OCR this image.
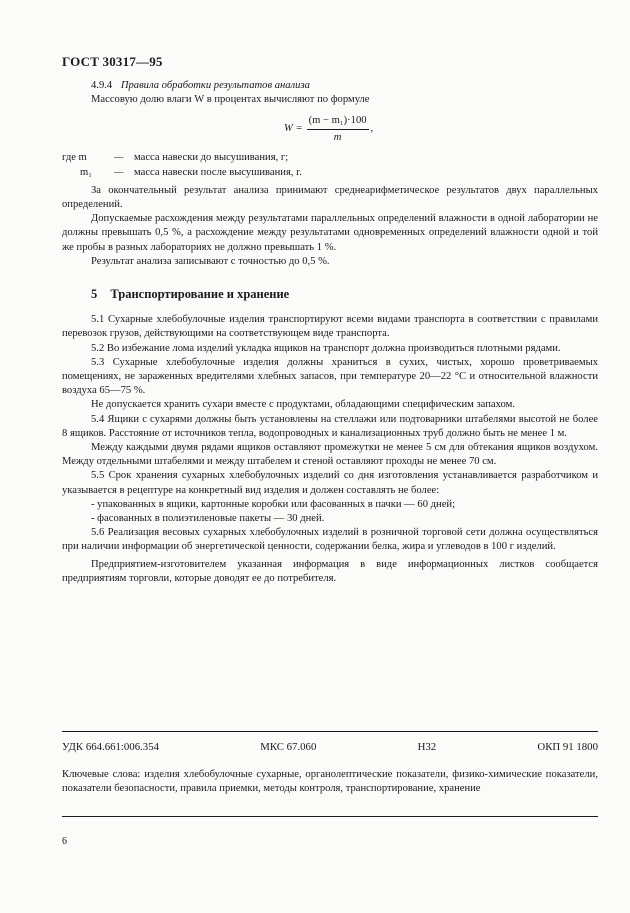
ГОСТ 30317—95

4.9.4 Правила обработки результатов анализа

Массовую долю влаги W в процентах вычисляют по формуле

$W = \frac{\text{(m − m₁)·100}}{m}$ ,
где m	— масса навески до высушивания, г;
m₁	— масса навески после высушивания, г.

За окончательный результат анализа принимают среднеарифметическое результатов двух параллельных определений.

Допускаемые расхождения между результатами параллельных определений влажности в одной лаборатории не должны превышать 0,5 %, а расхождение между результатами одновременных определений влажности одной и той же пробы в разных лабораториях не должно превышать 1 %.

Результат анализа записывают с точностью до 0,5 %.

5 Транспортирование и хранение

5.1 Сухарные хлебобулочные изделия транспортируют всеми видами транспорта в соответствии с правилами перевозок грузов, действующими на соответствующем виде транспорта.

5.2 Во избежание лома изделий укладка ящиков на транспорт должна производиться плотными рядами.

5.3 Сухарные хлебобулочные изделия должны храниться в сухих, чистых, хорошо проветриваемых помещениях, не зараженных вредителями хлебных запасов, при температуре 20—22 °С и относительной влажности воздуха 65—75 %.

Не допускается хранить сухари вместе с продуктами, обладающими специфическим запахом.

5.4 Ящики с сухарями должны быть установлены на стеллажи или подтоварники штабелями высотой не более 8 ящиков. Расстояние от источников тепла, водопроводных и канализационных труб должно быть не менее 1 м.

Между каждыми двумя рядами ящиков оставляют промежутки не менее 5 см для обтекания ящиков воздухом. Между отдельными штабелями и между штабелем и стеной оставляют проходы не менее 70 см.

5.5 Срок хранения сухарных хлебобулочных изделий со дня изготовления устанавливается разработчиком и указывается в рецептуре на конкретный вид изделия и должен составлять не более:

- упакованных в ящики, картонные коробки или фасованных в пачки — 60 дней;

- фасованных в полиэтиленовые пакеты — 30 дней.

5.6 Реализация весовых сухарных хлебобулочных изделий в розничной торговой сети должна осуществляться при наличии информации об энергетической ценности, содержании белка, жира и углеводов в 100 г изделий.

Предприятием-изготовителем указанная информация в виде информационных листков сообщается предприятиям торговли, которые доводят ее до потребителя.

УДК 664.661:006.354	МКС 67.060	Н32	ОКП 91 1800
Ключевые слова: изделия хлебобулочные сухарные, органолептические показатели, физико-химические показатели, показатели безопасности, правила приемки, методы контроля, транспортирование, хранение
6
